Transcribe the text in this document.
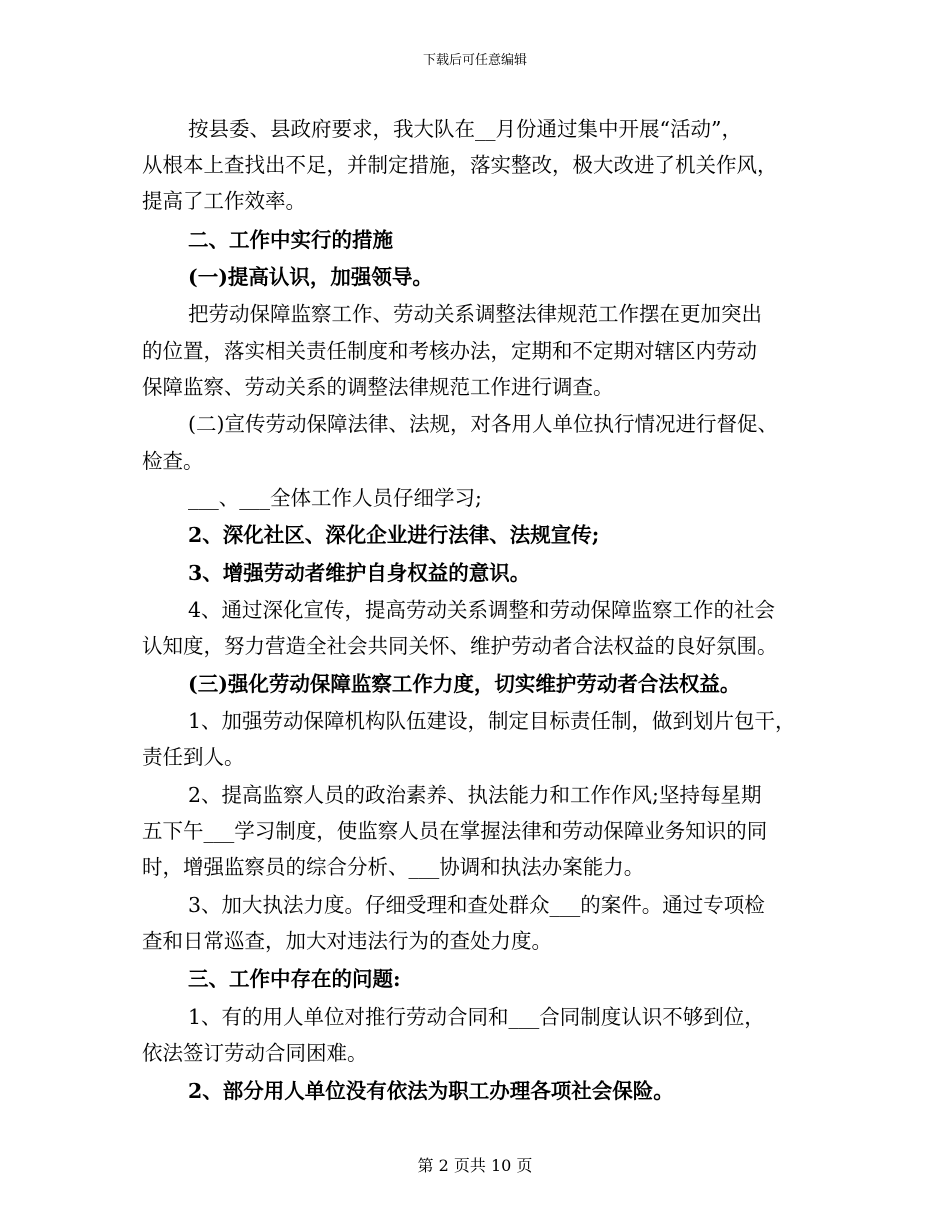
下载后可任意编辑
按县委、县政府要求，我大队在__月份通过集中开展“活动”，
从根本上查找出不足，并制定措施，落实整改，极大改进了机关作风，
提高了工作效率。
二、工作中实行的措施
(一)提高认识，加强领导。
把劳动保障监察工作、劳动关系调整法律规范工作摆在更加突出
的位置，落实相关责任制度和考核办法，定期和不定期对辖区内劳动
保障监察、劳动关系的调整法律规范工作进行调查。
(二)宣传劳动保障法律、法规，对各用人单位执行情况进行督促、
检查。
___、___全体工作人员仔细学习;
2、深化社区、深化企业进行法律、法规宣传;
3、增强劳动者维护自身权益的意识。
4、通过深化宣传，提高劳动关系调整和劳动保障监察工作的社会
认知度，努力营造全社会共同关怀、维护劳动者合法权益的良好氛围。
(三)强化劳动保障监察工作力度，切实维护劳动者合法权益。
1、加强劳动保障机构队伍建设，制定目标责任制，做到划片包干，
责任到人。
2、提高监察人员的政治素养、执法能力和工作作风;坚持每星期
五下午___学习制度，使监察人员在掌握法律和劳动保障业务知识的同
时，增强监察员的综合分析、___协调和执法办案能力。
3、加大执法力度。仔细受理和查处群众___的案件。通过专项检
查和日常巡查，加大对违法行为的查处力度。
三、工作中存在的问题:
1、有的用人单位对推行劳动合同和___合同制度认识不够到位，
依法签订劳动合同困难。
2、部分用人单位没有依法为职工办理各项社会保险。
第 2 页共 10 页
